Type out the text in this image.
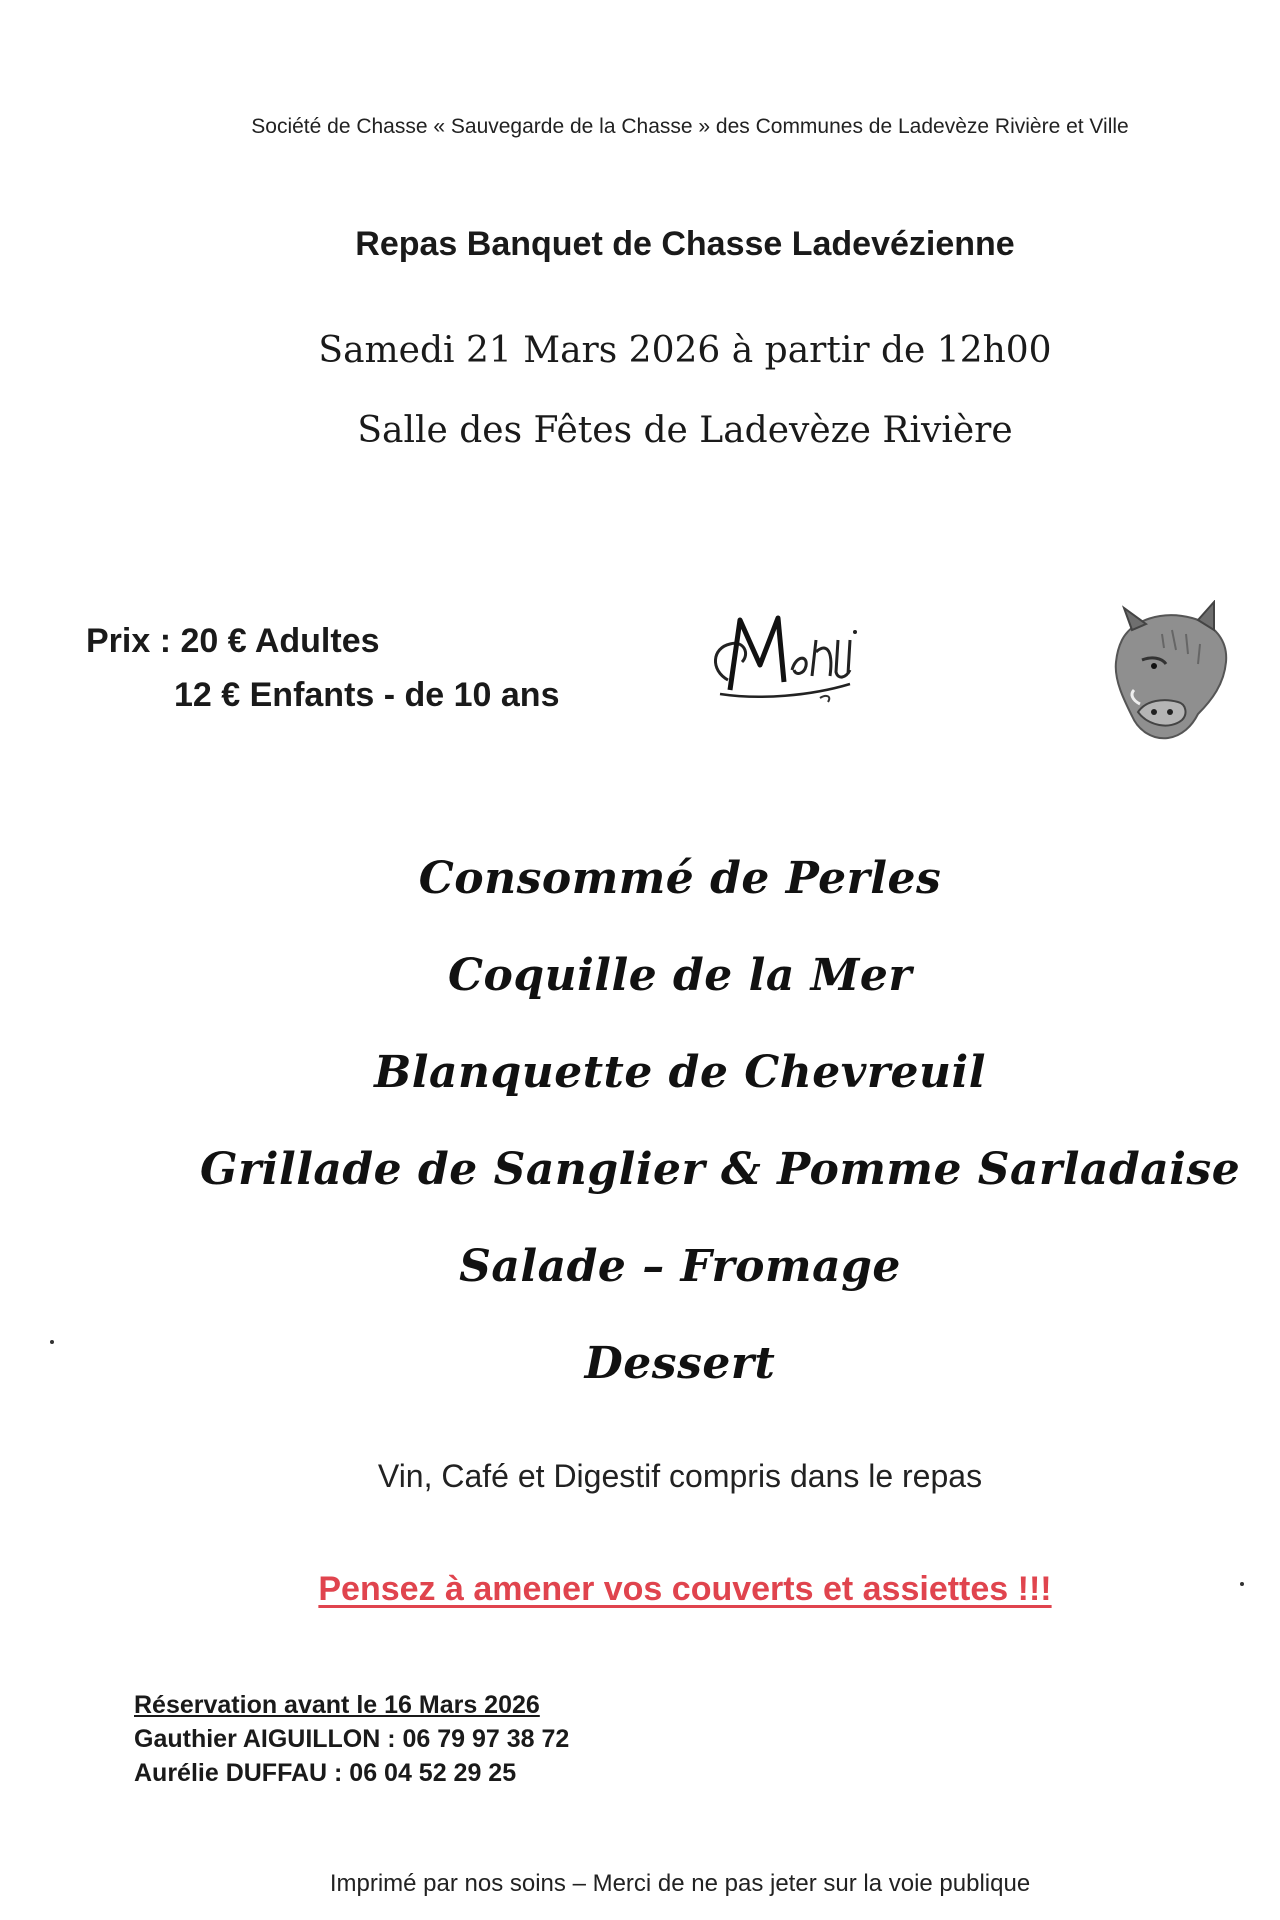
Société de Chasse « Sauvegarde de la Chasse » des Communes de Ladevèze Rivière et Ville
Repas Banquet de Chasse Ladevézienne
Samedi 21 Mars 2026 à partir de 12h00
Salle des Fêtes de Ladevèze Rivière
Prix : 20 € Adultes
12 € Enfants - de 10 ans
Consommé de Perles
Coquille de la Mer
Blanquette de Chevreuil
Grillade de Sanglier & Pomme Sarladaise
Salade – Fromage
Dessert
Vin, Café et Digestif compris dans le repas
Pensez à amener vos couverts et assiettes !!!
Réservation avant le 16 Mars 2026
Gauthier AIGUILLON : 06 79 97 38 72
Aurélie DUFFAU : 06 04 52 29 25
Imprimé par nos soins – Merci de ne pas jeter sur la voie publique
